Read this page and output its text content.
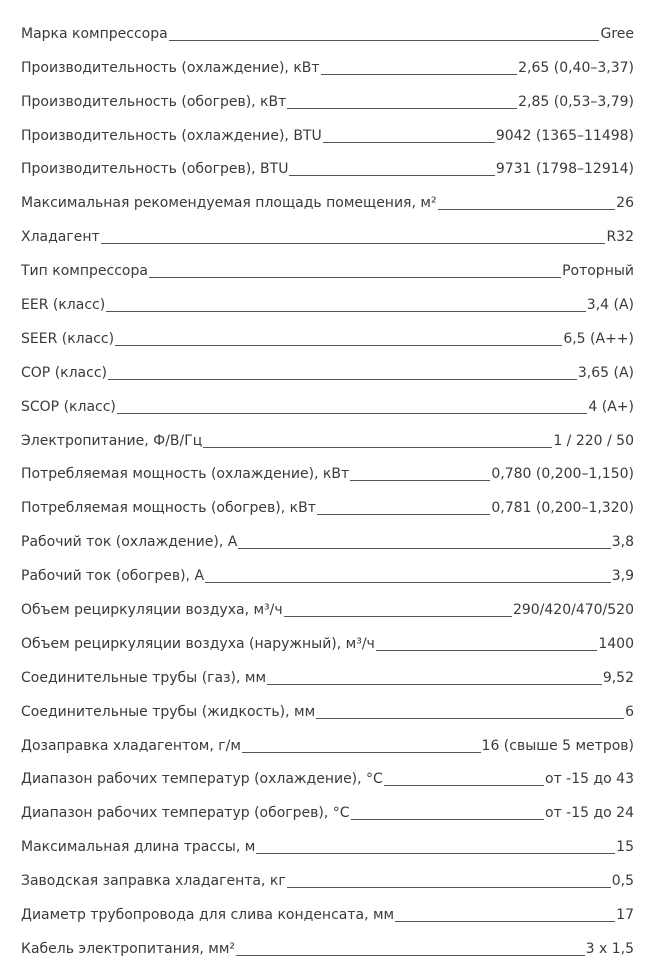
Марка компрессора	Gree
Производительность (охлаждение), кВт	2,65 (0,40–3,37)
Производительность (обогрев), кВт	2,85 (0,53–3,79)
Производительность (охлаждение), BTU	9042 (1365–11498)
Производительность (обогрев), BTU	9731 (1798–12914)
Максимальная рекомендуемая площадь помещения, м²	26
Хладагент	R32
Тип компрессора	Роторный
EER (класс)	3,4 (A)
SEER (класс)	6,5 (A++)
COP (класс)	3,65 (A)
SCOP (класс)	4 (A+)
Электропитание, Ф/В/Гц	1 / 220 / 50
Потребляемая мощность (охлаждение), кВт	0,780 (0,200–1,150)
Потребляемая мощность (обогрев), кВт	0,781 (0,200–1,320)
Рабочий ток (охлаждение), А	3,8
Рабочий ток (обогрев), А	3,9
Объем рециркуляции воздуха, м³/ч	290/420/470/520
Объем рециркуляции воздуха (наружный), м³/ч	1400
Соединительные трубы (газ), мм	9,52
Соединительные трубы (жидкость), мм	6
Дозаправка хладагентом, г/м	16 (свыше 5 метров)
Диапазон рабочих температур (охлаждение), °С	от -15 до 43
Диапазон рабочих температур (обогрев), °С	от -15 до 24
Максимальная длина трассы, м	15
Заводская заправка хладагента, кг	0,5
Диаметр трубопровода для слива конденсата, мм	17
Кабель электропитания, мм²	3 x 1,5
